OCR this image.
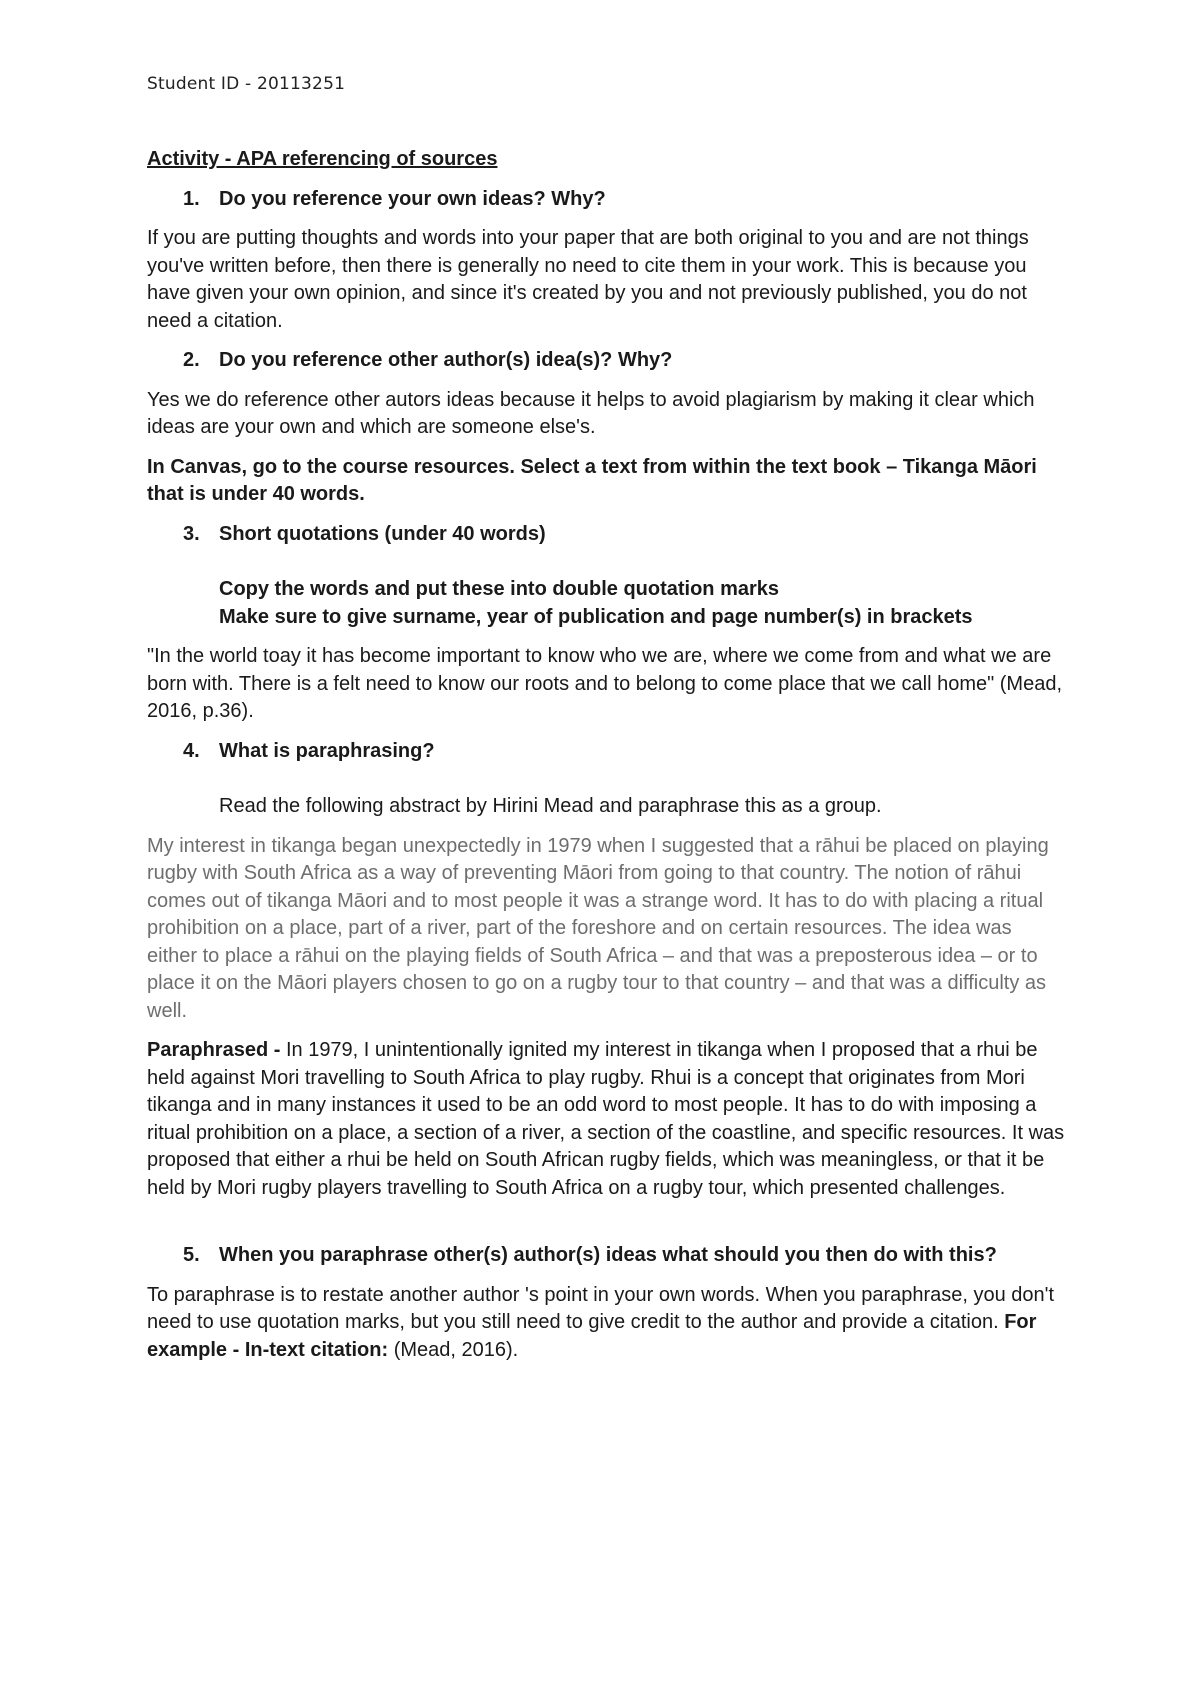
Student ID - 20113251
Activity - APA referencing of sources
1. Do you reference your own ideas? Why?
If you are putting thoughts and words into your paper that are both original to you and are not things you've written before, then there is generally no need to cite them in your work. This is because you have given your own opinion, and since it's created by you and not previously published, you do not need a citation.
2. Do you reference other author(s) idea(s)? Why?
Yes we do reference other autors ideas because it helps to avoid plagiarism by making it clear which ideas are your own and which are someone else's.
In Canvas, go to the course resources. Select a text from within the text book – Tikanga Māori that is under 40 words.
3. Short quotations (under 40 words)
Copy the words and put these into double quotation marks
Make sure to give surname, year of publication and page number(s) in brackets
"In the world toay it has become important to know who we are, where we come from and what we are born with. There is a felt need to know our roots and to belong to come place that we call home" (Mead, 2016, p.36).
4. What is paraphrasing?
Read the following abstract by Hirini Mead and paraphrase this as a group.
My interest in tikanga began unexpectedly in 1979 when I suggested that a rāhui be placed on playing rugby with South Africa as a way of preventing Māori from going to that country. The notion of rāhui comes out of tikanga Māori and to most people it was a strange word. It has to do with placing a ritual prohibition on a place, part of a river, part of the foreshore and on certain resources. The idea was either to place a rāhui on the playing fields of South Africa – and that was a preposterous idea – or to place it on the Māori players chosen to go on a rugby tour to that country – and that was a difficulty as well.
Paraphrased - In 1979, I unintentionally ignited my interest in tikanga when I proposed that a rhui be held against Mori travelling to South Africa to play rugby. Rhui is a concept that originates from Mori tikanga and in many instances it used to be an odd word to most people. It has to do with imposing a ritual prohibition on a place, a section of a river, a section of the coastline, and specific resources. It was proposed that either a rhui be held on South African rugby fields, which was meaningless, or that it be held by Mori rugby players travelling to South Africa on a rugby tour, which presented challenges.
5. When you paraphrase other(s) author(s) ideas what should you then do with this?
To paraphrase is to restate another author 's point in your own words. When you paraphrase, you don't need to use quotation marks, but you still need to give credit to the author and provide a citation. For example - In-text citation: (Mead, 2016).
